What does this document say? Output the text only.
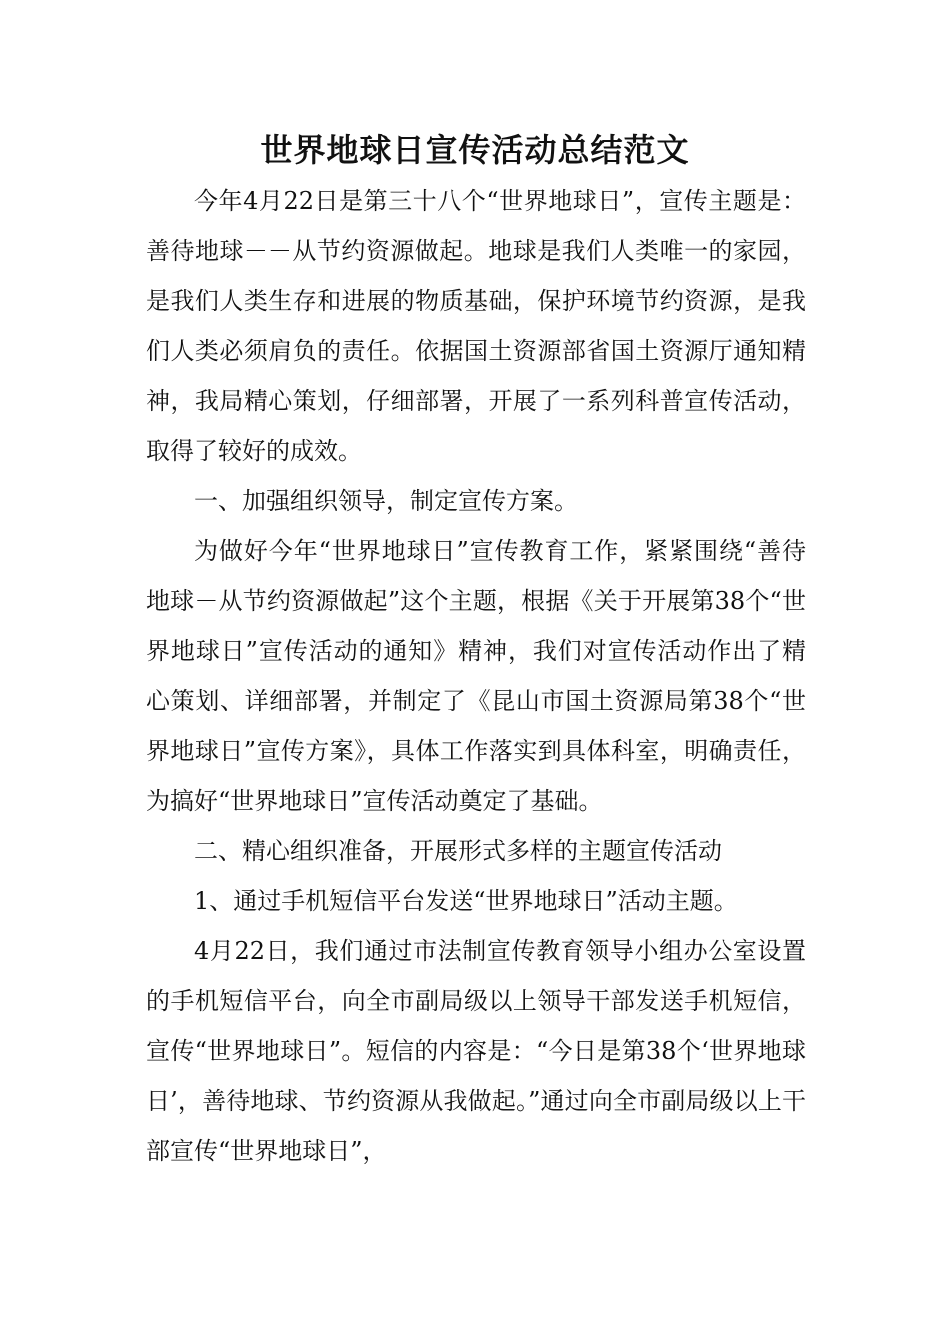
世界地球日宣传活动总结范文

今年4月22日是第三十八个“世界地球日”，宣传主题是：善待地球－－从节约资源做起。地球是我们人类唯一的家园，是我们人类生存和进展的物质基础，保护环境节约资源，是我们人类必须肩负的责任。依据国土资源部省国土资源厅通知精神，我局精心策划，仔细部署，开展了一系列科普宣传活动，取得了较好的成效。

一、加强组织领导，制定宣传方案。

为做好今年“世界地球日”宣传教育工作，紧紧围绕“善待地球－从节约资源做起”这个主题，根据《关于开展第38个“世界地球日”宣传活动的通知》精神，我们对宣传活动作出了精心策划、详细部署，并制定了《昆山市国土资源局第38个“世界地球日”宣传方案》，具体工作落实到具体科室，明确责任，为搞好“世界地球日”宣传活动奠定了基础。

二、精心组织准备，开展形式多样的主题宣传活动

1、通过手机短信平台发送“世界地球日”活动主题。

4月22日，我们通过市法制宣传教育领导小组办公室设置的手机短信平台，向全市副局级以上领导干部发送手机短信，宣传“世界地球日”。短信的内容是：“今日是第38个‘世界地球日’，善待地球、节约资源从我做起。”通过向全市副局级以上干部宣传“世界地球日”，
